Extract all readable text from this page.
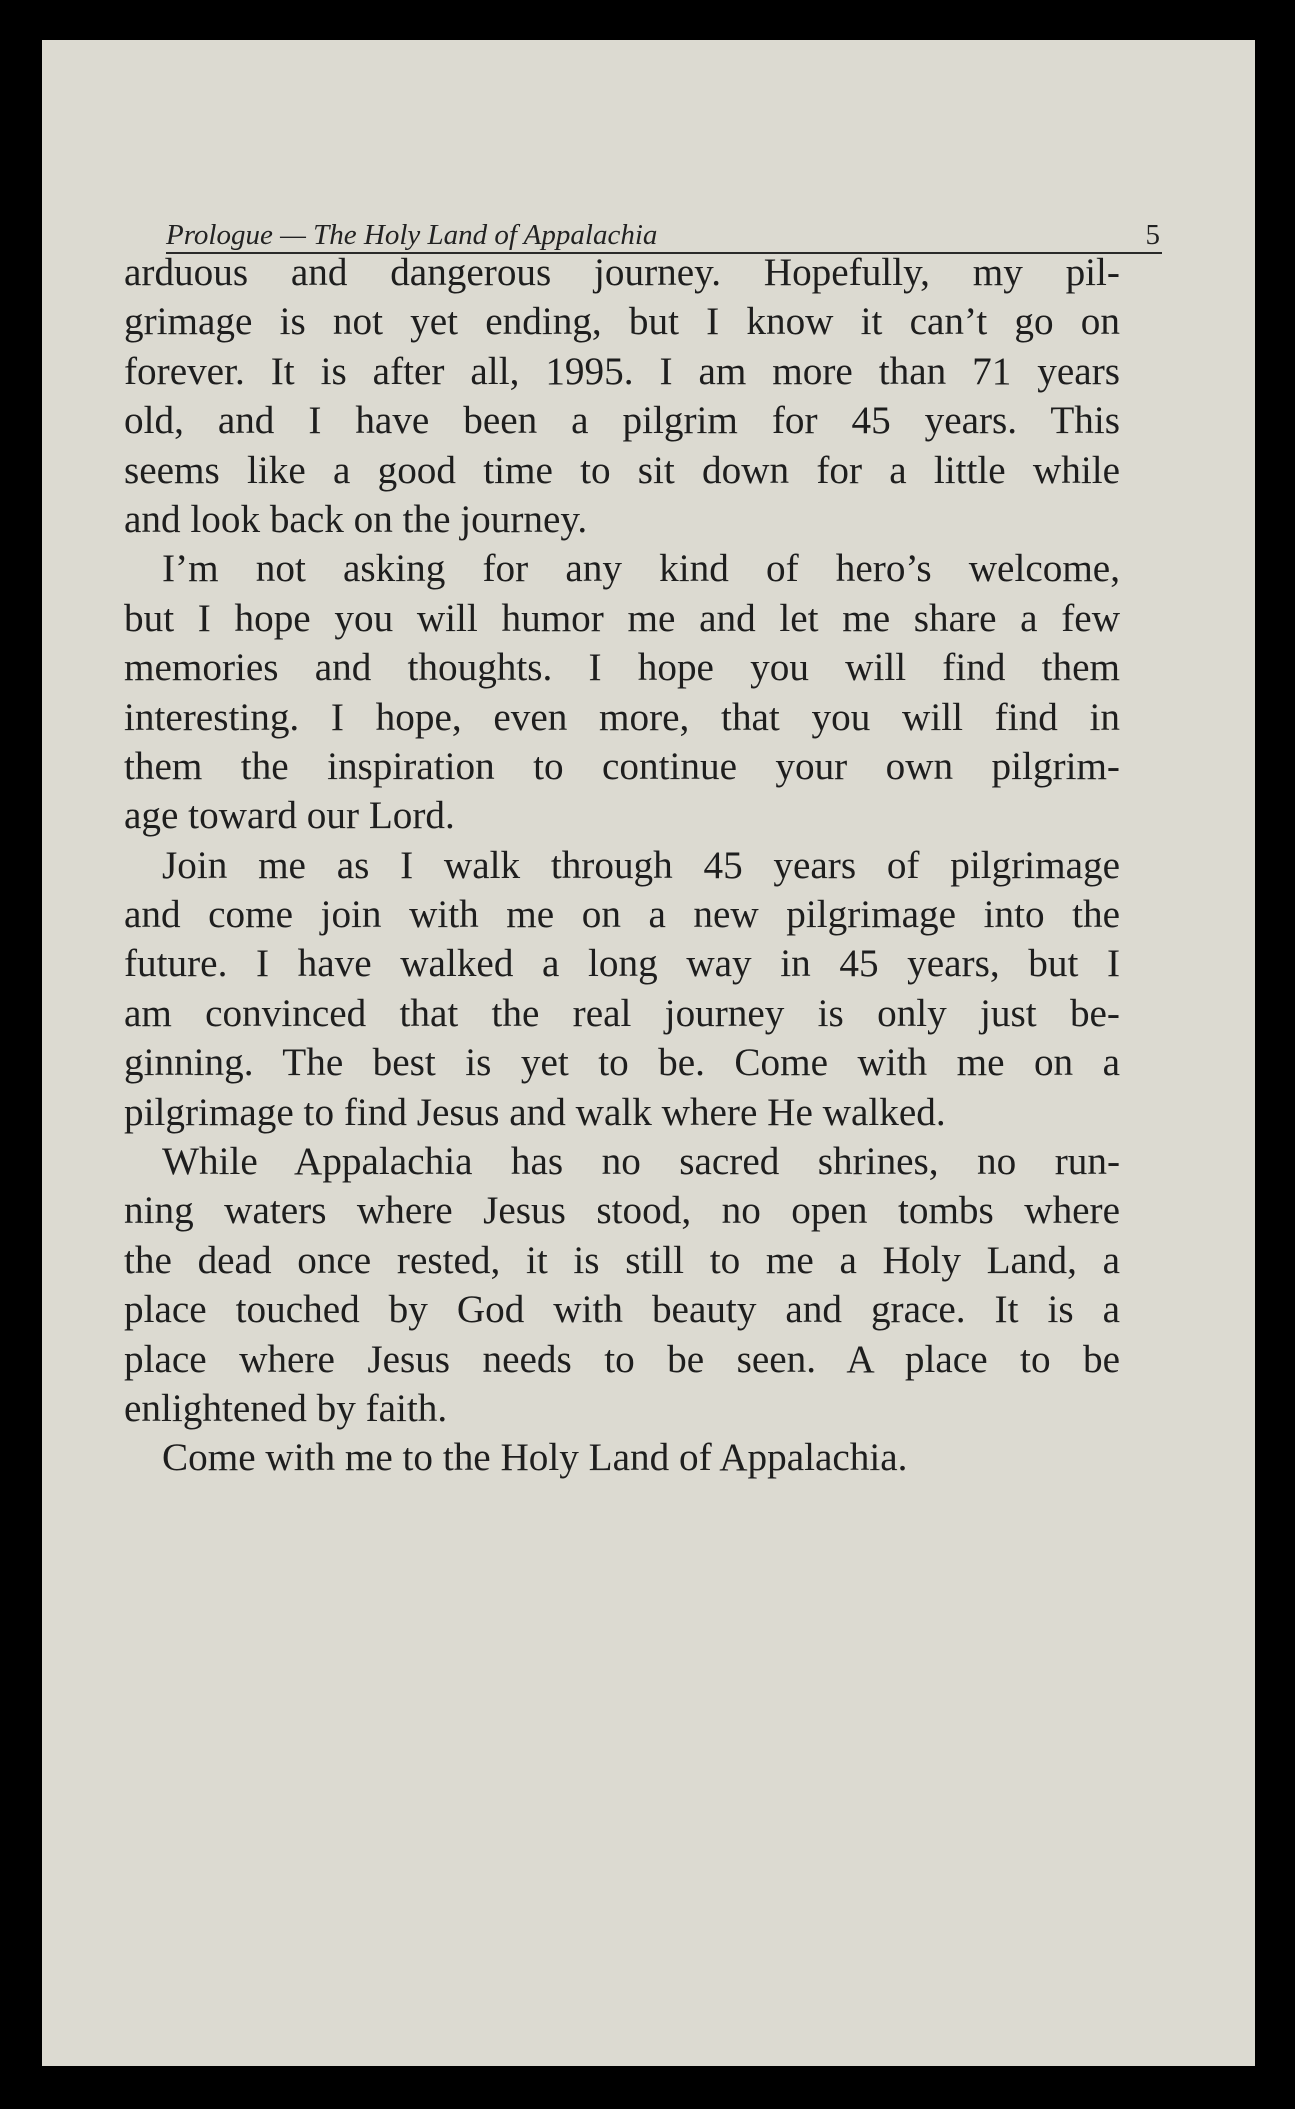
Prologue — The Holy Land of Appalachia	5
arduous and dangerous journey. Hopefully, my pil-
grimage is not yet ending, but I know it can’t go on
forever. It is after all, 1995. I am more than 71 years
old, and I have been a pilgrim for 45 years. This
seems like a good time to sit down for a little while
and look back on the journey.
I’m not asking for any kind of hero’s welcome,
but I hope you will humor me and let me share a few
memories and thoughts. I hope you will find them
interesting. I hope, even more, that you will find in
them the inspiration to continue your own pilgrim-
age toward our Lord.
Join me as I walk through 45 years of pilgrimage
and come join with me on a new pilgrimage into the
future. I have walked a long way in 45 years, but I
am convinced that the real journey is only just be-
ginning. The best is yet to be. Come with me on a
pilgrimage to find Jesus and walk where He walked.
While Appalachia has no sacred shrines, no run-
ning waters where Jesus stood, no open tombs where
the dead once rested, it is still to me a Holy Land, a
place touched by God with beauty and grace. It is a
place where Jesus needs to be seen. A place to be
enlightened by faith.
Come with me to the Holy Land of Appalachia.
